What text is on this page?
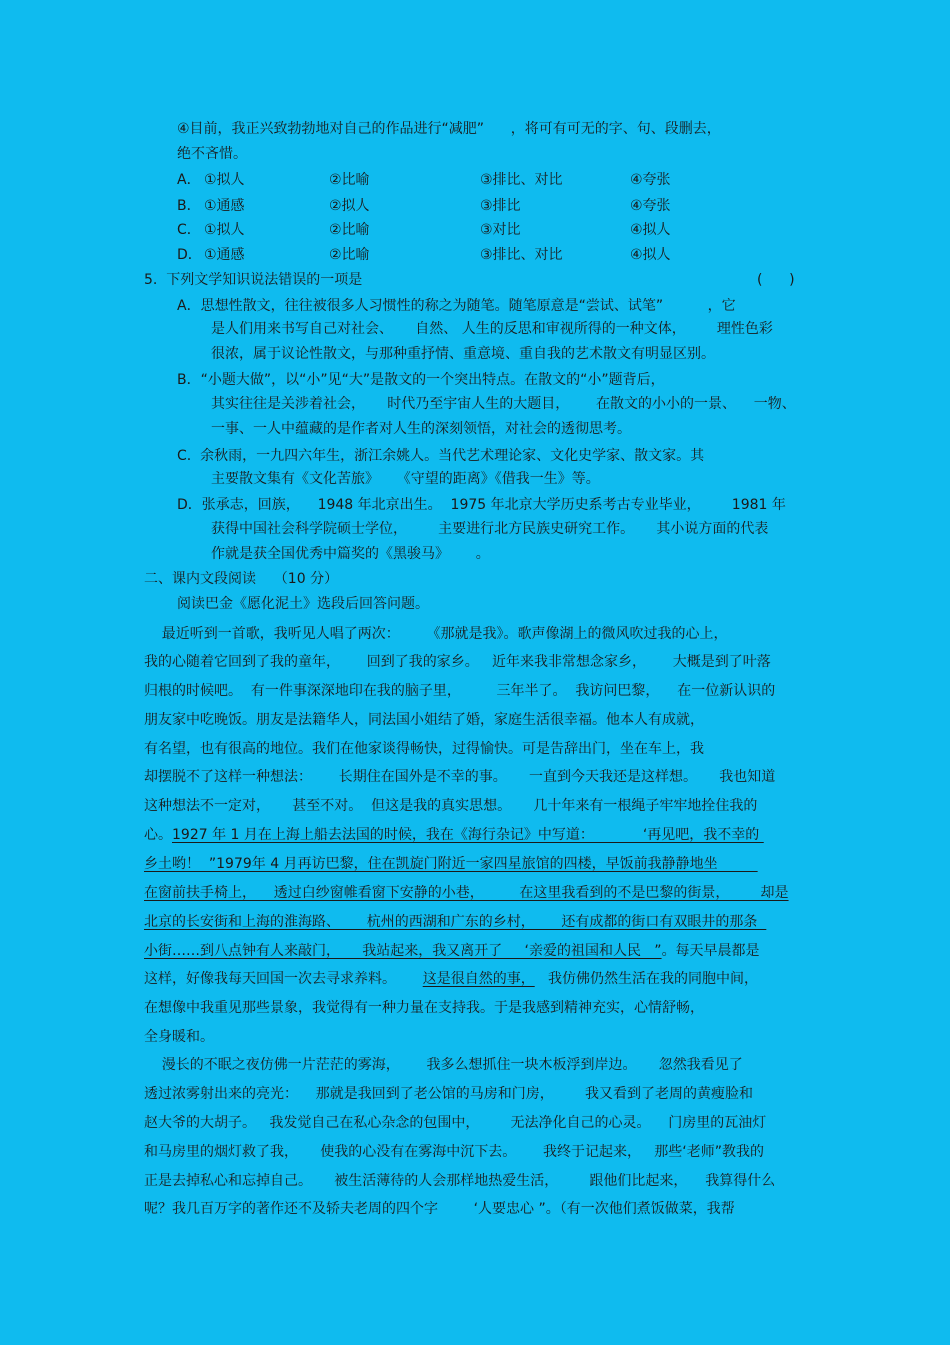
④目前，我正兴致勃勃地对自己的作品进行“减肥”      ，将可有可无的字、句、段删去，
绝不吝惜。
A． ①拟人	②比喻	③排比、对比	④夸张
B． ①通感	②拟人	③排比	④夸张
C． ①拟人	②比喻	③对比	④拟人
D． ①通感	②比喻	③排比、对比	④拟人
5.  下列文学知识说法错误的一项是	(      )
A．思想性散文，往往被很多人习惯性的称之为随笔。随笔原意是“尝试、试笔”          ，它
是人们用来书写自己对社会、     自然、 人生的反思和审视所得的一种文体，       理性色彩
很浓，属于议论性散文，与那种重抒情、重意境、重自我的艺术散文有明显区别。
B．“小题大做”，以“小”见“大”是散文的一个突出特点。在散文的“小”题背后，
其实往往是关涉着社会，     时代乃至宇宙人生的大题目，      在散文的小小的一景、    一物、
一事、一人中蕴藏的是作者对人生的深刻领悟，对社会的透彻思考。
C.  余秋雨，一九四六年生，浙江余姚人。当代艺术理论家、文化史学家、散文家。其
主要散文集有《文化苦旅》    《守望的距离》《借我一生》等。
D．张承志，回族，    1948 年北京出生。  1975 年北京大学历史系考古专业毕业，       1981 年
获得中国社会科学院硕士学位，       主要进行北方民族史研究工作。     其小说方面的代表
作就是获全国优秀中篇奖的《黑骏马》      。
二、课内文段阅读    （10 分）
阅读巴金《愿化泥土》选段后回答问题。
最近听到一首歌，我听见人唱了两次：      《那就是我》。歌声像湖上的微风吹过我的心上，
我的心随着它回到了我的童年，      回到了我的家乡。   近年来我非常想念家乡，      大概是到了叶落
归根的时候吧。  有一件事深深地印在我的脑子里，        三年半了。  我访问巴黎，    在一位新认识的
朋友家中吃晚饭。朋友是法籍华人，同法国小姐结了婚，家庭生活很幸福。他本人有成就，
有名望，也有很高的地位。我们在他家谈得畅快，过得愉快。可是告辞出门，坐在车上，我
却摆脱不了这样一种想法：      长期住在国外是不幸的事。     一直到今天我还是这样想。     我也知道
这种想法不一定对，     甚至不对。  但这是我的真实思想。     几十年来有一根绳子牢牢地拴住我的
心。1927 年 1 月在上海上船去法国的时候，我在《海行杂记》中写道：           ‘再见吧，我不幸的
乡土哟！  ”1979年 4 月再访巴黎，住在凯旋门附近一家四星旅馆的四楼，早饭前我静静地坐
在窗前扶手椅上，    透过白纱窗帷看窗下安静的小巷，        在这里我看到的不是巴黎的街景，       却是
北京的长安街和上海的淮海路、      杭州的西湖和广东的乡村，      还有成都的街口有双眼井的那条
小街……到八点钟有人来敲门，     我站起来，我又离开了     ‘亲爱的祖国和人民   ”。每天早晨都是
这样，好像我每天回国一次去寻求养料。      这是很自然的事，   我仿佛仍然生活在我的同胞中间，
在想像中我重见那些景象，我觉得有一种力量在支持我。于是我感到精神充实，心情舒畅，
全身暖和。
漫长的不眠之夜仿佛一片茫茫的雾海，      我多么想抓住一块木板浮到岸边。     忽然我看见了
透过浓雾射出来的亮光：    那就是我回到了老公馆的马房和门房，       我又看到了老周的黄瘦脸和
赵大爷的大胡子。   我发觉自己在私心杂念的包围中，       无法净化自己的心灵。    门房里的瓦油灯
和马房里的烟灯救了我，     使我的心没有在雾海中沉下去。      我终于记起来，   那些‘老师”教我的
正是去掉私心和忘掉自己。     被生活薄待的人会那样地热爱生活，       跟他们比起来，    我算得什么
呢？我几百万字的著作还不及轿夫老周的四个字        ‘人要忠心 ”。（有一次他们煮饭做菜，我帮
